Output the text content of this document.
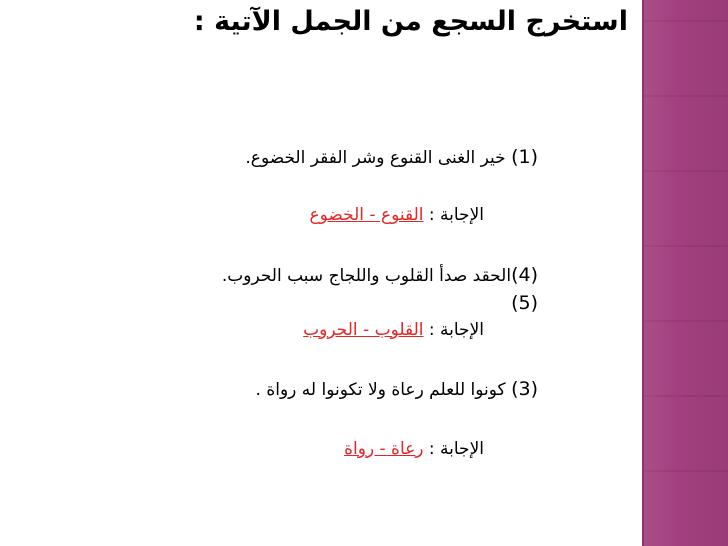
استخرج السجع من الجمل الآتية :
(1) خير الغنى القنوع وشر الفقر الخضوع.
الإجابة : القنوع - الخضوع
(4)الحقد صدأ القلوب واللجاج سبب الحروب.
(5)
الإجابة : القلوب - الحروب
(3) كونوا للعلم رعاة ولا تكونوا له رواة .
الإجابة : رعاة - رواة
